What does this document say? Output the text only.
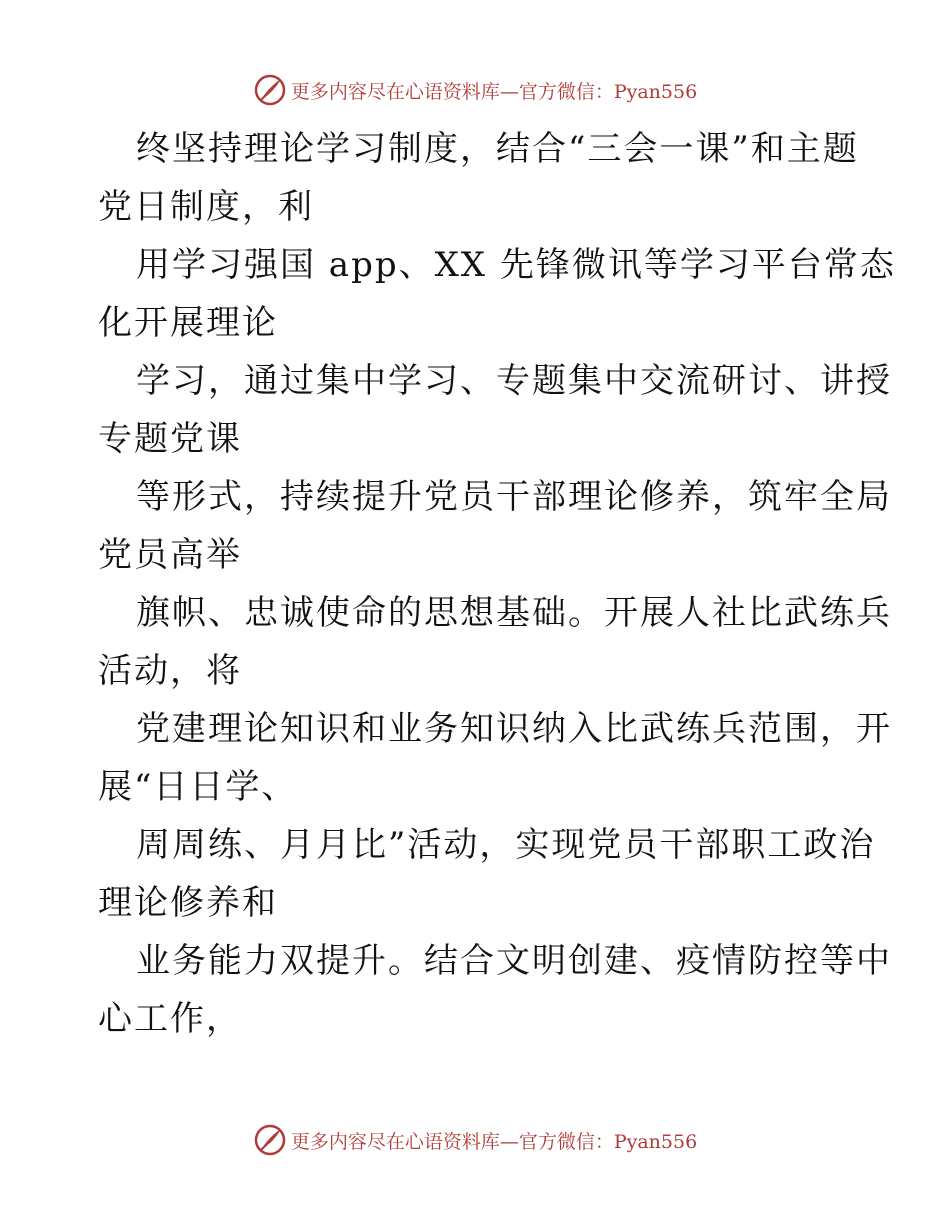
更多内容尽在心语资料库—官方微信：Pyan556

终坚持理论学习制度，结合“三会一课”和主题
党日制度，利

用学习强国 app、XX 先锋微讯等学习平台常态
化开展理论

学习，通过集中学习、专题集中交流研讨、讲授
专题党课

等形式，持续提升党员干部理论修养，筑牢全局
党员高举

旗帜、忠诚使命的思想基础。开展人社比武练兵
活动，将

党建理论知识和业务知识纳入比武练兵范围，开
展“日日学、

周周练、月月比”活动，实现党员干部职工政治
理论修养和

业务能力双提升。结合文明创建、疫情防控等中
心工作，

更多内容尽在心语资料库—官方微信：Pyan556
